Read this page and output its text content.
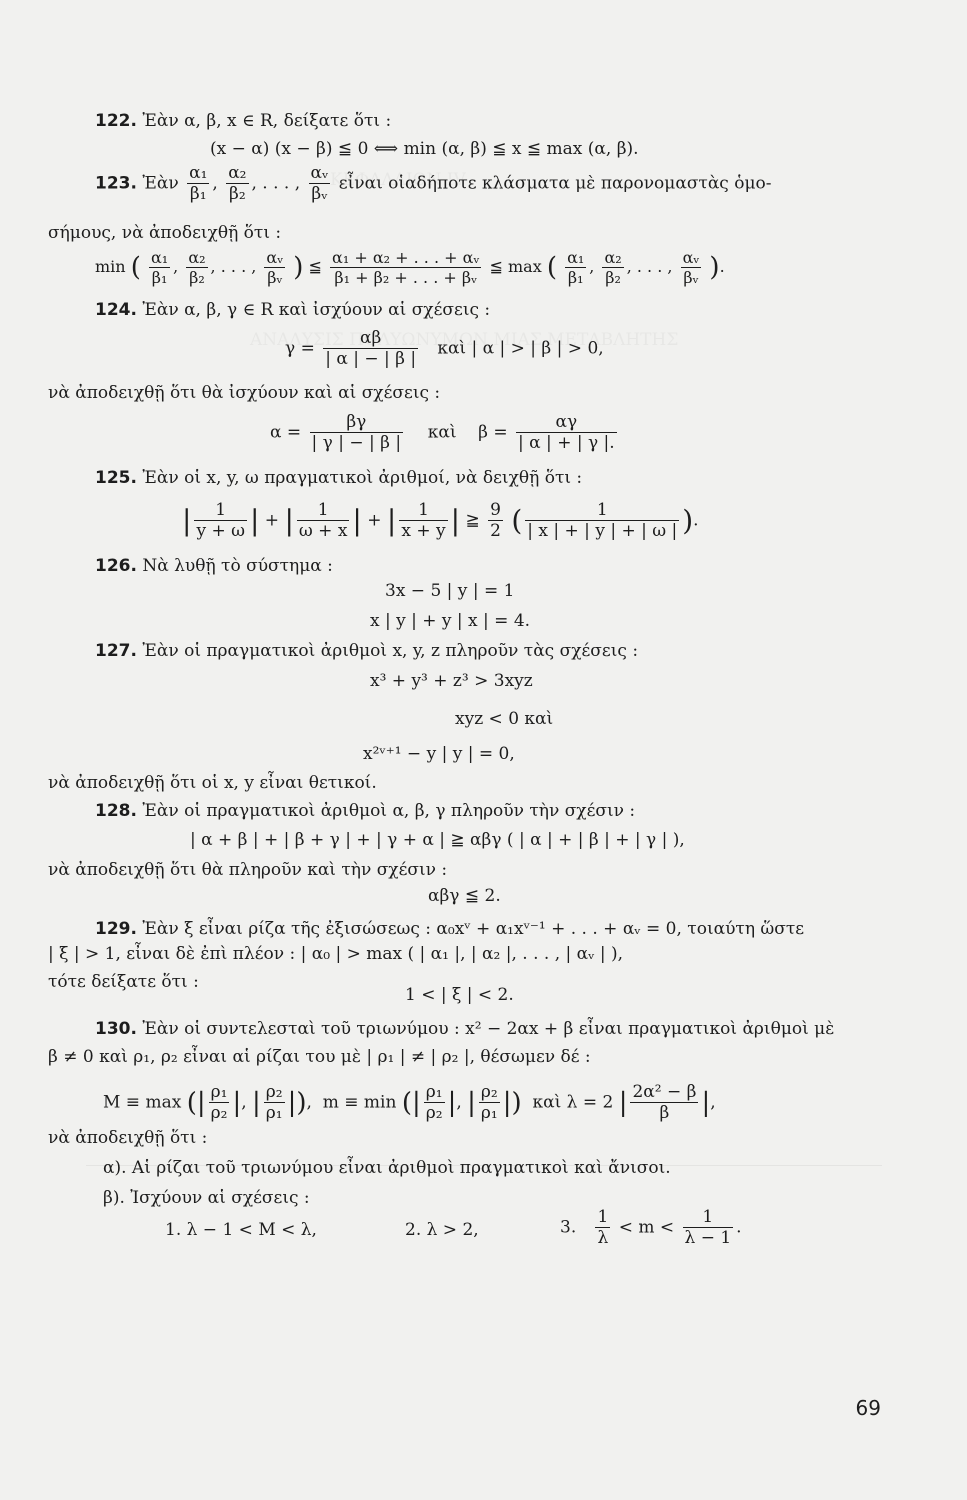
122. Ἐὰν α, β, x ∈ R, δείξατε ὅτι :
(x − α) (x − β) ≦ 0 ⟺ min (α, β) ≦ x ≦ max (α, β).
123. Ἐὰν $\frac{\text{α₁}}{\text{β₁}}$ , $\frac{\text{α₂}}{\text{β₂}}$ , . . . , $\frac{\text{αᵥ}}{\text{βᵥ}}$ εἶναι οἱαδήποτε κλάσματα μὲ παρονομαστὰς ὁμο-
σήμους, νὰ ἀποδειχθῇ ὅτι :
min ( $\frac{\text{α₁}}{\text{β₁}}$ , $\frac{\text{α₂}}{\text{β₂}}$ , . . . , $\frac{\text{αᵥ}}{\text{βᵥ}}$ ) ≦ $\frac{\text{α₁ + α₂ + . . . + αᵥ}}{\text{β₁ + β₂ + . . . + βᵥ}}$ ≦ max ( $\frac{\text{α₁}}{\text{β₁}}$ , $\frac{\text{α₂}}{\text{β₂}}$ , . . . , $\frac{\text{αᵥ}}{\text{βᵥ}}$ ).
124. Ἐὰν α, β, γ ∈ R καὶ ἰσχύουν αἱ σχέσεις :
$\gamma = \frac{\alpha\beta}{| \alpha | - | \beta |}$ καὶ | α | > | β | > 0,
νὰ ἀποδειχθῇ ὅτι θὰ ἰσχύουν καὶ αἱ σχέσεις :
$\alpha = \frac{\beta\gamma}{| \gamma | - | \beta |}$ καὶ $\beta = \frac{\alpha\gamma}{| \alpha | + | \gamma |.}$
125. Ἐὰν οἱ x, y, ω πραγματικοὶ ἀριθμοί, νὰ δειχθῇ ὅτι :
| $\frac{1}{y + \omega}$ | + | $\frac{1}{\omega + x}$ | + | $\frac{1}{x + y}$ | ≧ $\frac{9}{2}$ ( $\frac{1}{| x | + | y | + | \omega |}$ ).
126. Νὰ λυθῇ τὸ σύστημα :
3x − 5 | y | = 1
x | y | + y | x | = 4.
127. Ἐὰν οἱ πραγματικοὶ ἀριθμοὶ x, y, z πληροῦν τὰς σχέσεις :
x³ + y³ + z³ > 3xyz
xyz < 0 καὶ
x²ᵛ⁺¹ − y | y | = 0,
νὰ ἀποδειχθῇ ὅτι οἱ x, y εἶναι θετικοί.
128. Ἐὰν οἱ πραγματικοὶ ἀριθμοὶ α, β, γ πληροῦν τὴν σχέσιν :
| α + β | + | β + γ | + | γ + α | ≧ αβγ ( | α | + | β | + | γ | ),
νὰ ἀποδειχθῇ ὅτι θὰ πληροῦν καὶ τὴν σχέσιν :
αβγ ≦ 2.
129. Ἐὰν ξ εἶναι ρίζα τῆς ἐξισώσεως : α₀xᵛ + α₁xᵛ⁻¹ + . . . + αᵥ = 0, τοιαύτη ὥστε
| ξ | > 1, εἶναι δὲ ἐπὶ πλέον : | α₀ | > max ( | α₁ |, | α₂ |, . . . , | αᵥ | ),
τότε δείξατε ὅτι :
1 < | ξ | < 2.
130. Ἐὰν οἱ συντελεσταὶ τοῦ τριωνύμου : x² − 2αx + β εἶναι πραγματικοὶ ἀριθμοὶ μὲ
β ≠ 0 καὶ ρ₁, ρ₂ εἶναι αἱ ρίζαι του μὲ | ρ₁ | ≠ | ρ₂ |, θέσωμεν δέ :
M ≡ max (| $\frac{\text{ρ₁}}{\text{ρ₂}}$ |, | $\frac{\text{ρ₂}}{\text{ρ₁}}$ |),  m ≡ min (| $\frac{\text{ρ₁}}{\text{ρ₂}}$ |, | $\frac{\text{ρ₂}}{\text{ρ₁}}$ |) καὶ λ = 2 | $\frac{\text{2α² − β}}{\beta}$ |,
νὰ ἀποδειχθῇ ὅτι :
α). Αἱ ρίζαι τοῦ τριωνύμου εἶναι ἀριθμοὶ πραγματικοὶ καὶ ἄνισοι.
β). Ἰσχύουν αἱ σχέσεις :
1. λ − 1 < M < λ,	2. λ > 2,	3. $\frac{1}{\lambda} < m < \frac{1}{\lambda - 1}$ .
69
